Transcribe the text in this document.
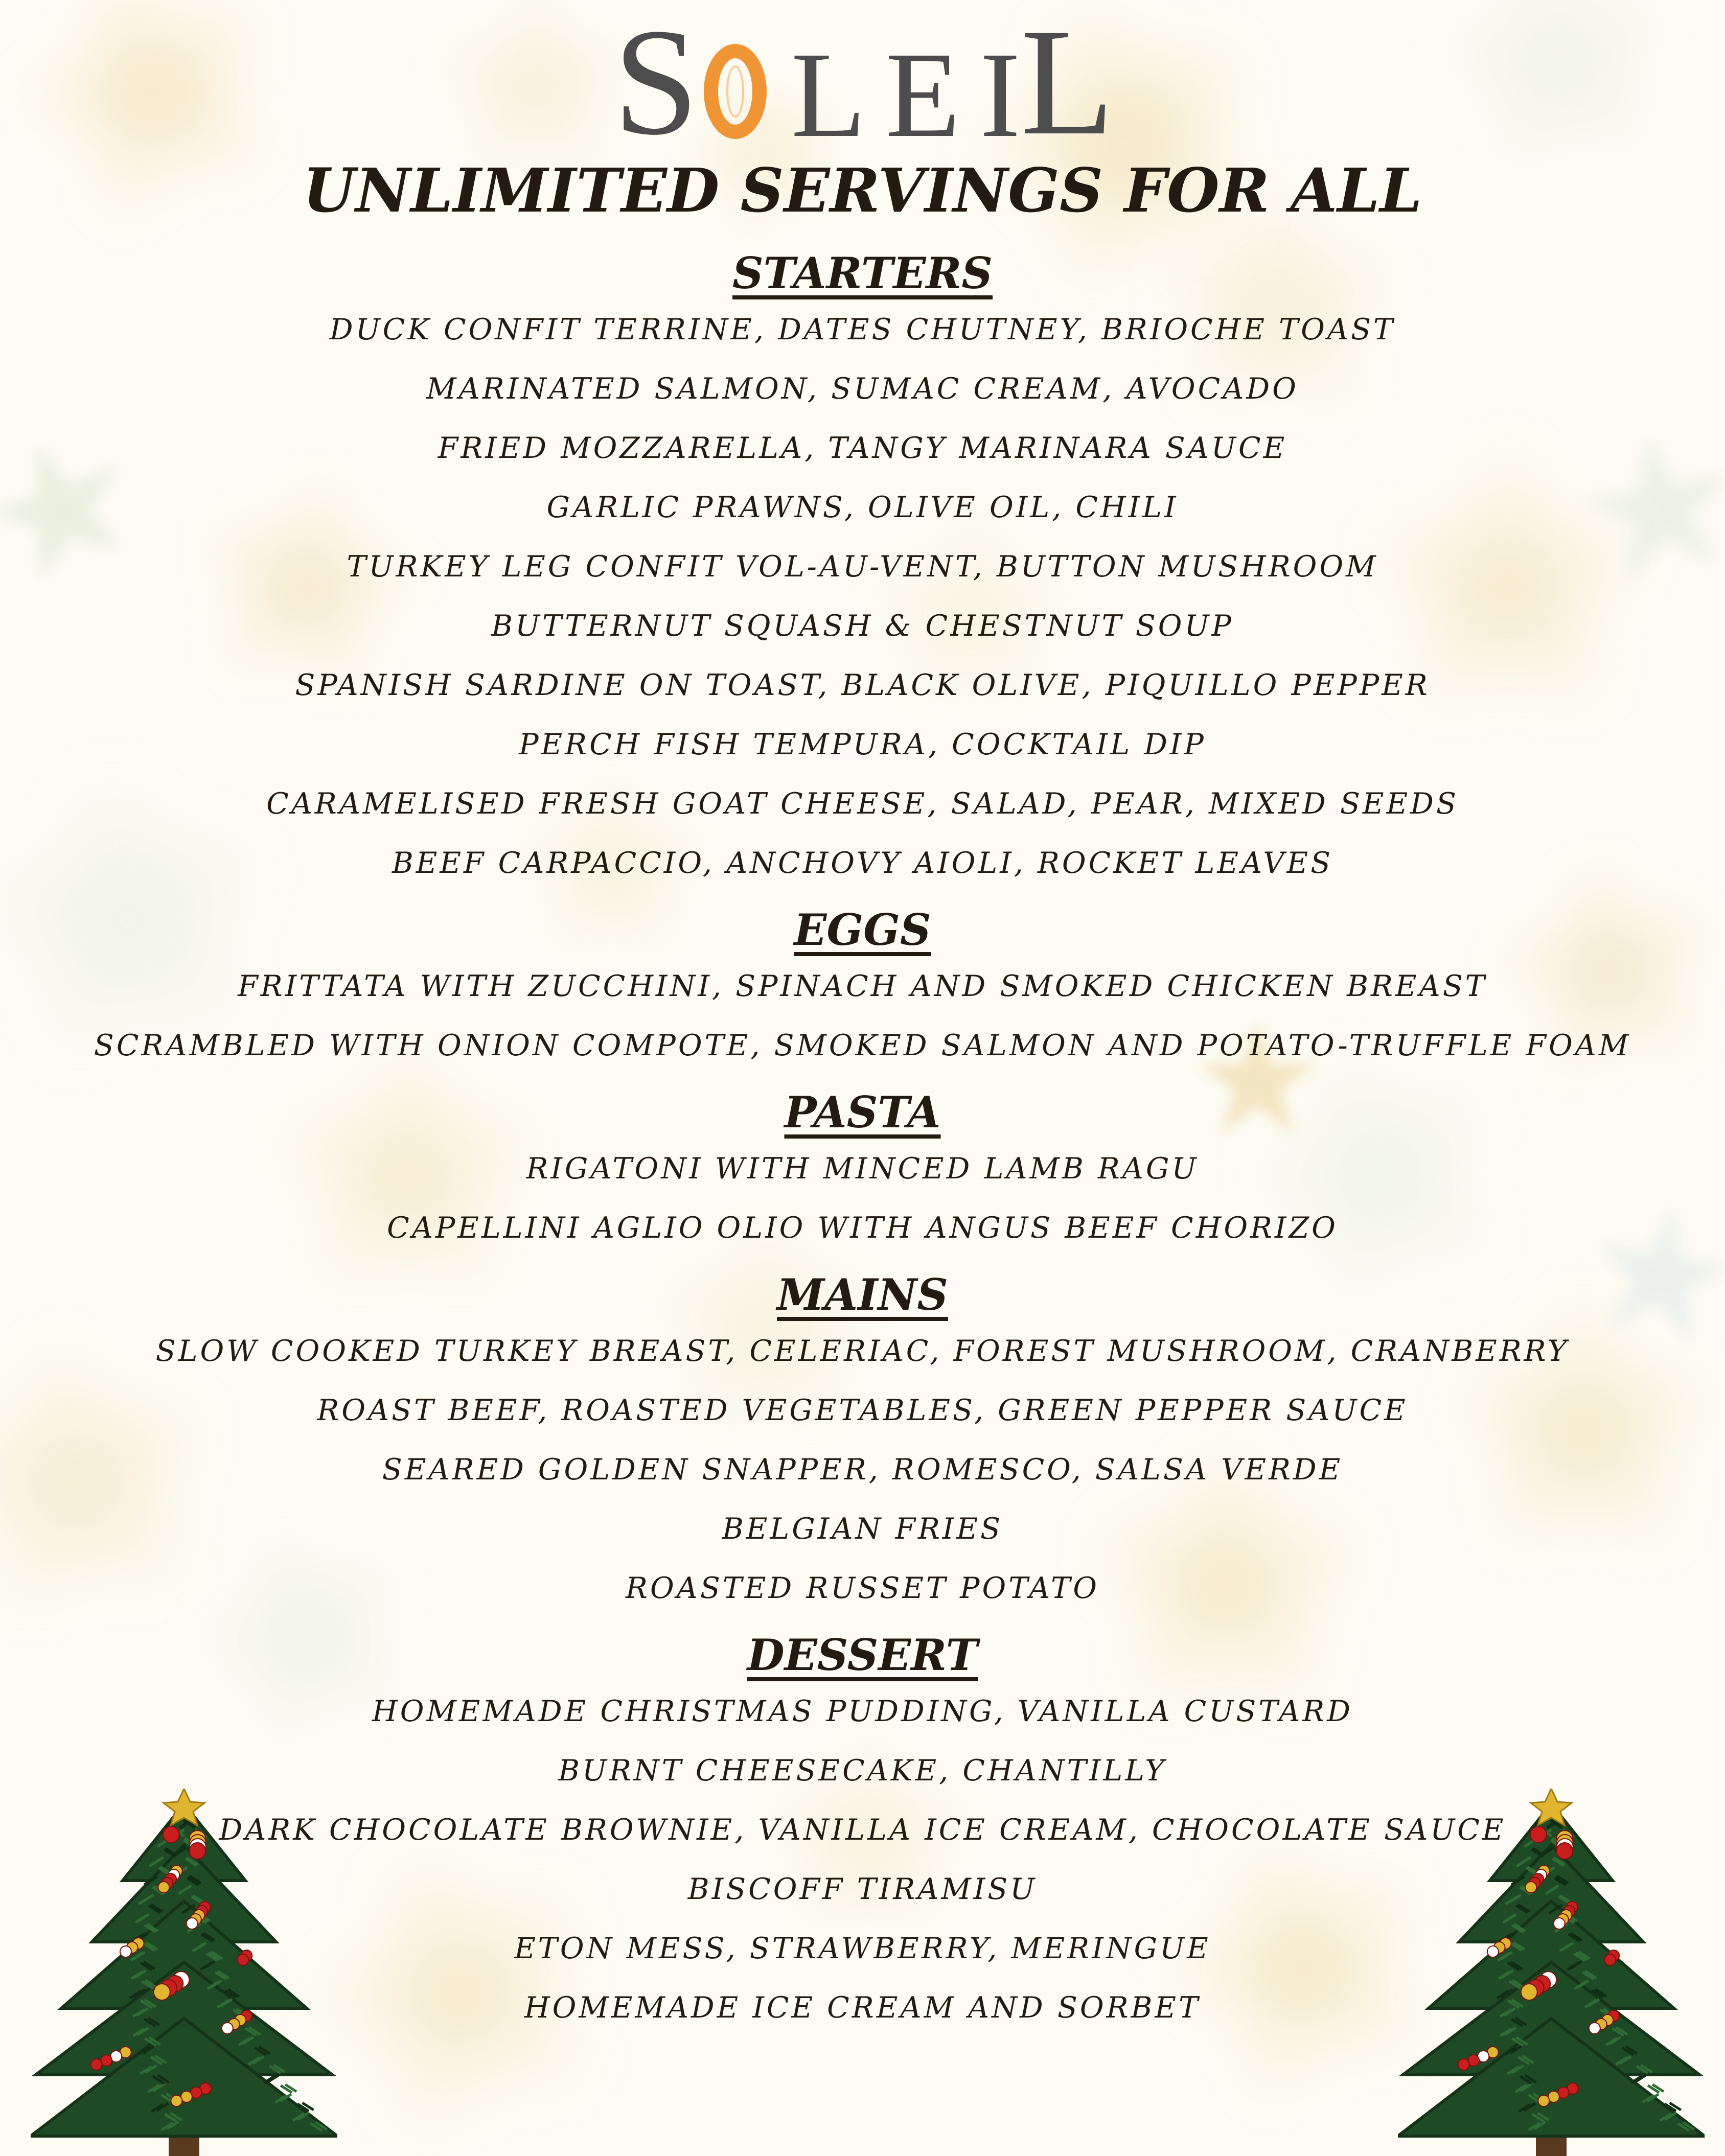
S L E I L
UNLIMITED SERVINGS FOR ALL
STARTERS

DUCK CONFIT TERRINE, DATES CHUTNEY, BRIOCHE TOAST

MARINATED SALMON, SUMAC CREAM, AVOCADO

FRIED MOZZARELLA, TANGY MARINARA SAUCE

GARLIC PRAWNS, OLIVE OIL, CHILI

TURKEY LEG CONFIT VOL-AU-VENT, BUTTON MUSHROOM

BUTTERNUT SQUASH & CHESTNUT SOUP

SPANISH SARDINE ON TOAST, BLACK OLIVE, PIQUILLO PEPPER

PERCH FISH TEMPURA, COCKTAIL DIP

CARAMELISED FRESH GOAT CHEESE, SALAD, PEAR, MIXED SEEDS

BEEF CARPACCIO, ANCHOVY AIOLI, ROCKET LEAVES

EGGS

FRITTATA WITH ZUCCHINI, SPINACH AND SMOKED CHICKEN BREAST

SCRAMBLED WITH ONION COMPOTE, SMOKED SALMON AND POTATO-TRUFFLE FOAM

PASTA

RIGATONI WITH MINCED LAMB RAGU

CAPELLINI AGLIO OLIO WITH ANGUS BEEF CHORIZO

MAINS

SLOW COOKED TURKEY BREAST, CELERIAC, FOREST MUSHROOM, CRANBERRY

ROAST BEEF, ROASTED VEGETABLES, GREEN PEPPER SAUCE

SEARED GOLDEN SNAPPER, ROMESCO, SALSA VERDE

BELGIAN FRIES

ROASTED RUSSET POTATO

DESSERT

HOMEMADE CHRISTMAS PUDDING, VANILLA CUSTARD

BURNT CHEESECAKE, CHANTILLY

DARK CHOCOLATE BROWNIE, VANILLA ICE CREAM, CHOCOLATE SAUCE

BISCOFF TIRAMISU

ETON MESS, STRAWBERRY, MERINGUE

HOMEMADE ICE CREAM AND SORBET
